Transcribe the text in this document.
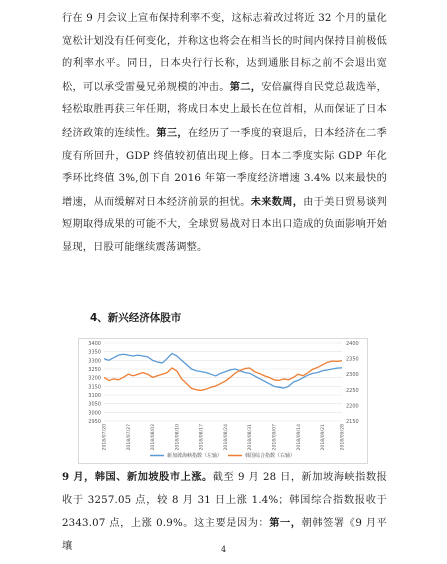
行在 9 月会议上宣布保持利率不变，这标志着改过将近 32 个月的量化宽松计划没有任何变化，并称这也将会在相当长的时间内保持目前极低的利率水平。同日，日本央行行长称，达到通胀目标之前不会退出宽松，可以承受雷曼兄弟规模的冲击。第二，安倍赢得自民党总裁选举，轻松取胜再获三年任期，将成日本史上最长在位首相，从而保证了日本经济政策的连续性。第三，在经历了一季度的衰退后，日本经济在二季度有所回升，GDP 终值较初值出现上修。日本二季度实际 GDP 年化季环比终值 3%,创下自 2016 年第一季度经济增速 3.4% 以来最快的增速，从而缓解对日本经济前景的担忧。未来数周，由于美日贸易谈判短期取得成果的可能不大，全球贸易战对日本出口造成的负面影响开始显现，日股可能继续震荡调整。

4、新兴经济体股市
2950
3000
3050
3100
3150
3200
3250
3300
3350
3400
2150
2200
2250
2300
2350
2400
2018/07/20	2018/07/27	2018/08/03	2018/08/10	2018/08/17	2018/08/24	2018/08/31	2018/09/07	2018/09/14	2018/09/21	2018/09/28
新加坡海峡指数（左轴）	韩国综合指数（右轴）

9 月，韩国、新加坡股市上涨。截至 9 月 28 日，新加坡海峡指数报收于 3257.05 点，较 8 月 31 日上涨 1.4%；韩国综合指数报收于 2343.07 点，上涨 0.9%。这主要是因为：第一，朝韩签署《9 月平壤	4
